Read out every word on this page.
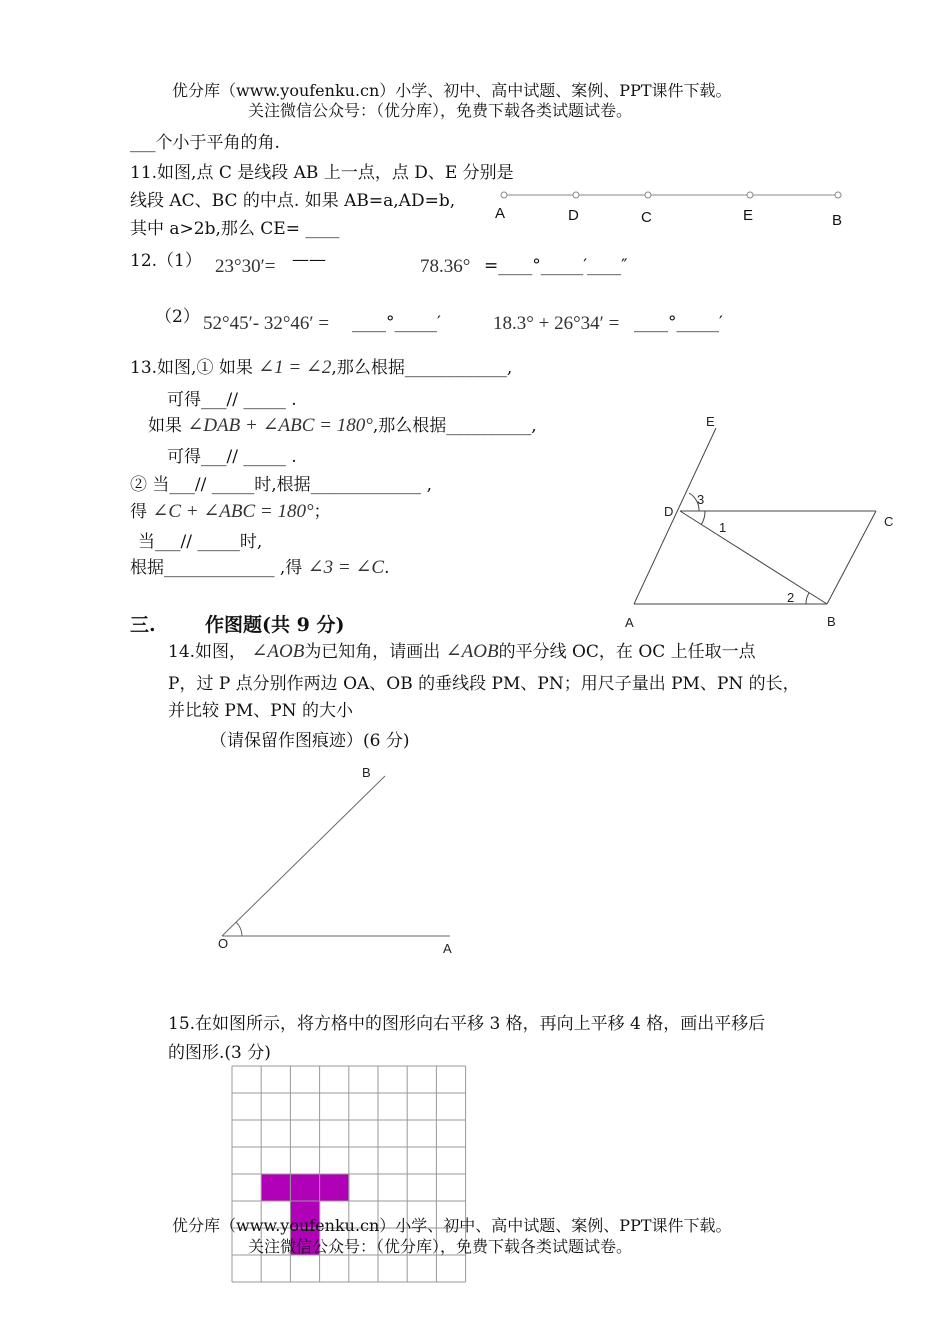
优分库（www.youfenku.cn）小学、初中、高中试题、案例、PPT课件下载。
关注微信公众号：（优分库），免费下载各类试题试卷。
___个小于平角的角.
11.如图,点 C 是线段 AB 上一点，点 D、E 分别是
线段 AC、BC 的中点. 如果 AB=a,AD=b,
其中 a>2b,那么 CE= ____
A	D	C	E	B
12.（1） 23°30′= ——	78.36° =____°_____′____″
（2） 52°45′- 32°46′ = ____°_____′	18.3° + 26°34′ = ____°_____′
13.如图,① 如果 ∠1 = ∠2,那么根据____________,
可得___// _____ .
如果 ∠DAB + ∠ABC = 180°,那么根据__________,
可得___// _____ .
② 当___// _____时,根据_____________ ,
得 ∠C + ∠ABC = 180°；
当___// _____时,
根据_____________ ,得 ∠3 = ∠C.
E
D
C
A	B
3
1
2
三.	作图题(共 9 分)
14.如图， ∠AOB为已知角，请画出 ∠AOB的平分线 OC，在 OC 上任取一点
P，过 P 点分别作两边 OA、OB 的垂线段 PM、PN；用尺子量出 PM、PN 的长，
并比较 PM、PN 的大小
（请保留作图痕迹）(6 分)
O	A
B
15.在如图所示，将方格中的图形向右平移 3 格，再向上平移 4 格，画出平移后
的图形.(3 分)
优分库（www.youfenku.cn）小学、初中、高中试题、案例、PPT课件下载。
关注微信公众号：（优分库），免费下载各类试题试卷。
